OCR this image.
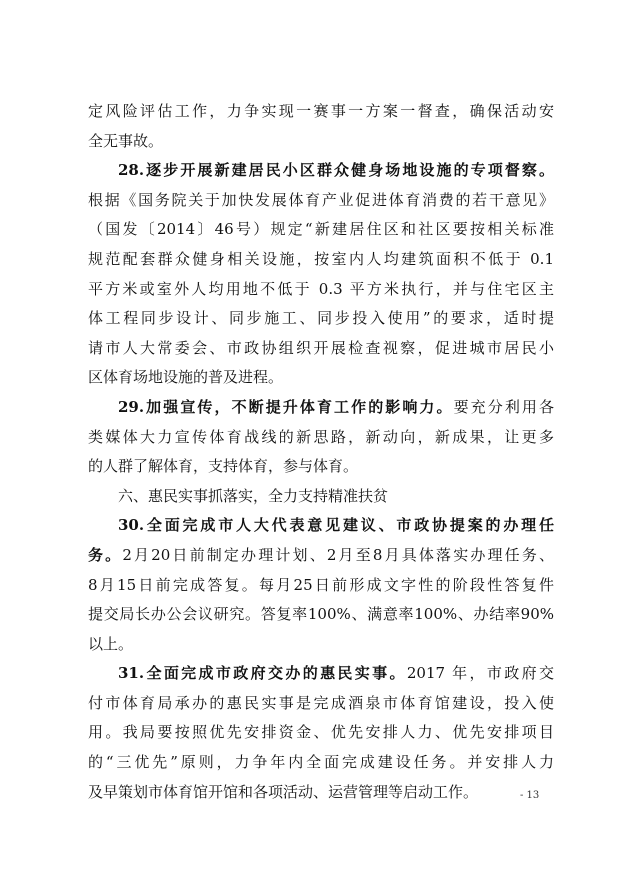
定风险评估工作，力争实现一赛事一方案一督查，确保活动安
全无事故。
28.逐步开展新建居民小区群众健身场地设施的专项督察。
根据《国务院关于加快发展体育产业促进体育消费的若干意见》
（国发〔2014〕46号）规定“新建居住区和社区要按相关标准
规范配套群众健身相关设施，按室内人均建筑面积不低于 0.1
平方米或室外人均用地不低于 0.3 平方米执行，并与住宅区主
体工程同步设计、同步施工、同步投入使用”的要求，适时提
请市人大常委会、市政协组织开展检查视察，促进城市居民小
区体育场地设施的普及进程。
29.加强宣传，不断提升体育工作的影响力。要充分利用各
类媒体大力宣传体育战线的新思路，新动向，新成果，让更多
的人群了解体育，支持体育，参与体育。
六、惠民实事抓落实，全力支持精准扶贫
30.全面完成市人大代表意见建议、市政协提案的办理任
务。2月20日前制定办理计划、2月至8月具体落实办理任务、
8月15日前完成答复。每月25日前形成文字性的阶段性答复件
提交局长办公会议研究。答复率100%、满意率100%、办结率90%
以上。
31.全面完成市政府交办的惠民实事。2017 年，市政府交
付市体育局承办的惠民实事是完成酒泉市体育馆建设，投入使
用。我局要按照优先安排资金、优先安排人力、优先安排项目
的“三优先”原则，力争年内全面完成建设任务。并安排人力
及早策划市体育馆开馆和各项活动、运营管理等启动工作。	- 13
